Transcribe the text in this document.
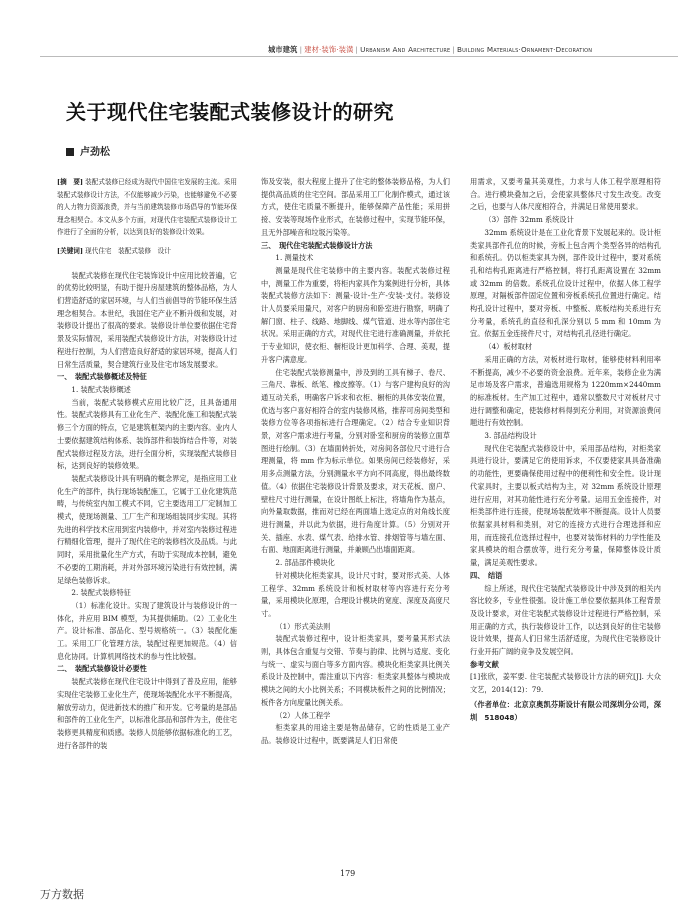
城市建筑 | 建材·装饰·装潢 | Urbanism And Architecture | Building Materials·Ornament·Decoration
关于现代住宅装配式装修设计的研究
卢劲松

[摘　要] 装配式装修已经成为现代中国住宅发展的主流。采用装配式装修设计方法，不仅能够减少污染，也能够避免不必要的人力物力资源浪费，并与当前建筑装修市场倡导的节能环保理念相契合。本文从多个方面，对现代住宅装配式装修设计工作进行了全面的分析，以达到良好的装修设计效果。

[关键词] 现代住宅　装配式装修　设计

装配式装修在现代住宅装饰设计中应用比较普遍，它的优势比较明显，有助于提升房屋建筑的整体品格，为人们营造舒适的家居环境，与人们当前倡导的节能环保生活理念相契合。本世纪，我国住宅产业不断升级和发展，对装修设计提出了很高的要求。装修设计单位要依据住宅背景及实际情况，采用装配式装修设计方法，对装修设计过程进行控制，为人们营造良好舒适的家居环境，提高人们日常生活质量，契合建筑行业及住宅市场发展要求。

一、　装配式装修概述及特征
1. 装配式装修概述

当前，装配式装修模式应用比较广泛，且具备通用性。装配式装修具有工业化生产、装配化施工和装配式装修三个方面的特点，它是建筑框架内的主要内容。业内人士要依据建筑结构体系、装饰部件和装饰结合件等，对装配式装修过程及方法，进行全面分析，实现装配式装修目标，达到良好的装修效果。

装配式装修设计具有明确的概念界定，是指应用工业化生产的部件，执行现场装配施工，它属于工业化建筑范畴，与传统室内加工模式不同，它主要选用工厂定制加工模式，使现场测量、工厂生产和现场组装同步实现。其将先进的科学技术应用到室内装修中，并对室内装修过程进行精细化管理，提升了现代住宅的装修档次及品质。与此同时，采用批量化生产方式，有助于实现成本控制，避免不必要的工期消耗，并对外部环境污染进行有效控制，满足绿色装修诉求。

2. 装配式装修特征

（1）标准化设计。实现了建筑设计与装修设计的一体化，并应用 BIM 模型，为其提供辅助。（2）工业化生产。设计标准、部品化、型号规格统一。（3）装配化施工。采用工厂化管理方法，装配过程更加规范。（4）信息化协同。计算机网络技术的参与性比较强。

二、　装配式装修设计必要性

装配式装修在现代住宅设计中得到了普及应用，能够实现住宅装修工业化生产，使现场装配化水平不断提高，解放劳动力，促进新技术的推广和开发。它考量的是部品和部件的工业化生产，以标准化部品和部件为主，使住宅装修更具精度和质感。装修人员能够依据标准化的工艺，进行各部件的装

饰及安装，很大程度上提升了住宅的整体装修品格，为人们提供高品质的住宅空间。部品采用工厂化制作模式，通过该方式，使住宅质量不断提升，能够保障产品性能；采用拼接、安装等现场作业形式，在装修过程中，实现节能环保，且无外部噪音和垃圾污染等。

三、　现代住宅装配式装修设计方法
1. 测量技术

测量是现代住宅装修中的主要内容。装配式装修过程中，测量工作为重要，将柜内家具作为案例进行分析，具体装配式装修方法如下：测量-设计-生产-安装-支付。装修设计人员要采用量尺，对客户的厨房和卧室进行勘察，明确了解门窗、柱子、线路、地脚线、煤气管道、进水等内部住宅状况。采用正确的方式，对现代住宅进行准确测量，并依托于专业知识，使衣柜、橱柜设计更加科学、合理、美观，提升客户满意度。

住宅装配式装修测量中，涉及到的工具有梯子、卷尺、三角尺、靠板、纸笔、橡皮擦等。（1）与客户建构良好的沟通互动关系，明确客户诉求和衣柜、橱柜的具体安装位置，优选与客户喜好相符合的室内装修风格，推荐可房间类型和装修方位等各项指标进行合理确定。（2）结合专业知识背景，对客户需求进行考量，分别对卧室和厨房的装修立面草图进行绘制。（3）在墙面转折处，对房间各部位尺寸进行合理测量，将 mm 作为标示单位。如果房间已经装修好，采用多点测量方法，分别测量水平方向不同高度，得出最终数值。（4）依据住宅装修设计背景及要求，对天花板、窗户、壁柱尺寸进行测量，在设计图纸上标注，将墙角作为基点，向外量取数据，推而对已经在两面墙上选定点的对角线长度进行测量，并以此为依据，进行角度计算。（5）分别对开关、插座、水表、煤气表、给排水管、排烟管等与墙左面、右面、地面距离进行测量，并兼顾凸出墙面距离。

2. 部品部件模块化

针对模块化柜类家具，设计尺寸时，要对形式美、人体工程学、32mm 系统设计和板材取材等内容进行充分考量，采用模块化原理，合理设计模块的宽度、深度及高度尺寸。

（1）形式美法则

装配式装修过程中，设计柜类家具，要考量其形式法则，具体包含重复与交错、节奏与韵律、比例与适度、变化与统一、虚实与面白等多方面内容。模块化柜类家具比例关系设计及控制中，需注重以下内容：柜类家具整体与模块成模块之间的大小比例关系；不同模块板件之间的比例情况；板件各方向度量比例关系。

（2）人体工程学

柜类家具的用途主要是物品储存，它的性质是工业产品。装修设计过程中，既要满足人们日常使

用需求，又要考量其美观性，力求与人体工程学原理相符合。进行模块叠加之后，会使家具整体尺寸发生改变。改变之后，也要与人体尺度相符合，并满足日常使用要求。

（3）部件 32mm 系统设计

32mm 系统设计是在工业化背景下发展起来的。设计柜类家具部件孔位的时候，旁板上包含两个类型各异的结构孔和系统孔。仍以柜类家具为例，部件设计过程中，要对系统孔和结构孔距离进行严格控制，将打孔距离设置在 32mm 或 32mm 的倍数。系统孔位设计过程中，依据人体工程学原理，对隔板部件固定位置和旁板系统孔位置进行确定。结构孔设计过程中，要对旁板、中整板、底板结构关系进行充分考量，系统孔的直径和孔深分别以 5 mm 和 10mm 为宜。依据五金连接件尺寸，对结构孔孔径进行确定。

（4）板材取材

采用正确的方法，对板材进行取材，能够使材料利用率不断提高，减少不必要的资金浪费。近年来，装修企业为满足市场及客户需求，普遍选用规格为 1220mm×2440mm 的标准板材。生产加工过程中，通常以整数尺寸对板材尺寸进行调整和确定，使装修材料得到充分利用，对资源浪费问题进行有效控制。

3. 部品结构设计

现代住宅装配式装修设计中，采用部品结构，对柜类家具进行设计，要满足它的使用诉求，不仅要使家具具备准确的功能性，更要确保使用过程中的便利性和安全性。设计现代家具时，主要以板式结构为主，对 32mm 系统设计原理进行应用，对其功能性进行充分考量。运用五金连接件，对柜类部件进行连接，使现场装配效率不断提高。设计人员要依据家具材料和类别，对它的连接方式进行合理选择和应用，而连接孔位选择过程中，也要对装饰材料的力学性能及家具模块的组合摆放等，进行充分考量，保障整体设计质量，满足美观性要求。

四、　结语

综上所述，现代住宅装配式装修设计中涉及到的相关内容比较多，专业性很强。设计施工单位要依据具体工程背景及设计要求，对住宅装配式装修设计过程进行严格控制，采用正确的方式，执行装修设计工作，以达到良好的住宅装修设计效果，提高人们日常生活舒适度，为现代住宅装修设计行业开拓广阔的竞争及发展空间。

参考文献

[1]张欣，姜军要. 住宅装配式装修设计方法的研究[J]. 大众文艺，2014(12)：79.

（作者单位：北京京奥凯芬斯设计有限公司深圳分公司，深圳　518048）

179
万方数据
